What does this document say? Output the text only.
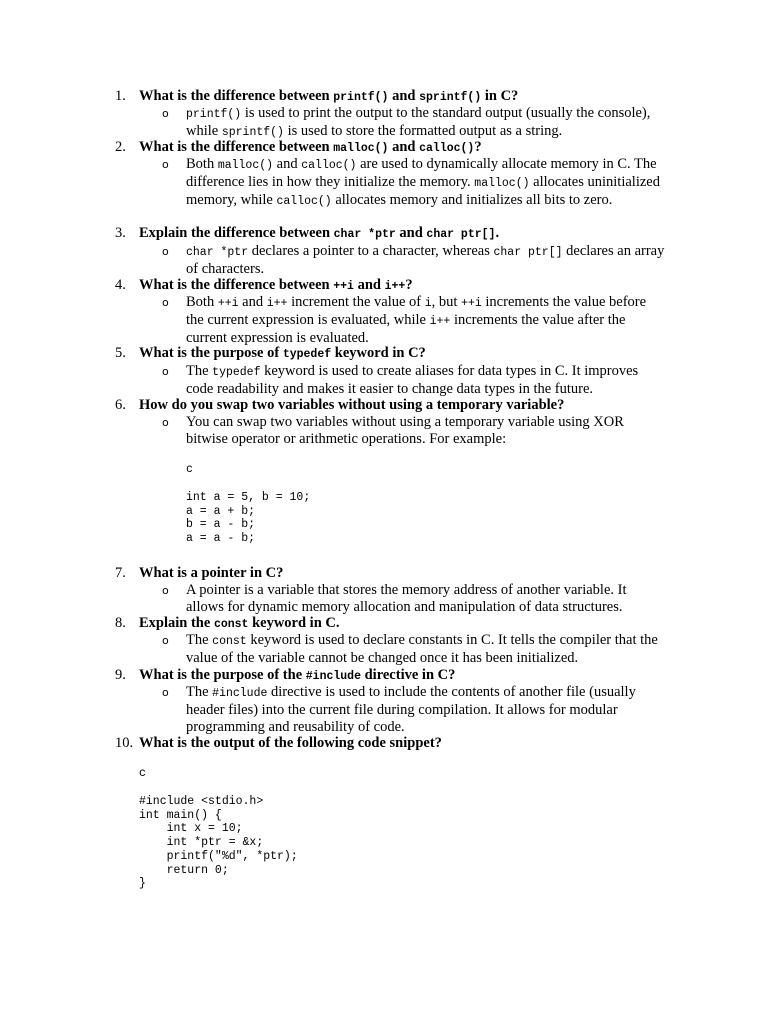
1. What is the difference between printf() and sprintf() in C?
o printf() is used to print the output to the standard output (usually the console), while sprintf() is used to store the formatted output as a string.
2. What is the difference between malloc() and calloc()?
o Both malloc() and calloc() are used to dynamically allocate memory in C. The difference lies in how they initialize the memory. malloc() allocates uninitialized memory, while calloc() allocates memory and initializes all bits to zero.
3. Explain the difference between char *ptr and char ptr[].
o char *ptr declares a pointer to a character, whereas char ptr[] declares an array of characters.
4. What is the difference between ++i and i++?
o Both ++i and i++ increment the value of i, but ++i increments the value before the current expression is evaluated, while i++ increments the value after the current expression is evaluated.
5. What is the purpose of typedef keyword in C?
o The typedef keyword is used to create aliases for data types in C. It improves code readability and makes it easier to change data types in the future.
6. How do you swap two variables without using a temporary variable?
o You can swap two variables without using a temporary variable using XOR bitwise operator or arithmetic operations. For example:
c
int a = 5, b = 10;
a = a + b;
b = a - b;
a = a - b;
7. What is a pointer in C?
o A pointer is a variable that stores the memory address of another variable. It allows for dynamic memory allocation and manipulation of data structures.
8. Explain the const keyword in C.
o The const keyword is used to declare constants in C. It tells the compiler that the value of the variable cannot be changed once it has been initialized.
9. What is the purpose of the #include directive in C?
o The #include directive is used to include the contents of another file (usually header files) into the current file during compilation. It allows for modular programming and reusability of code.
10. What is the output of the following code snippet?
c
#include <stdio.h>
int main() {
int x = 10;
int *ptr = &x;
printf("%d", *ptr);
return 0;
}
